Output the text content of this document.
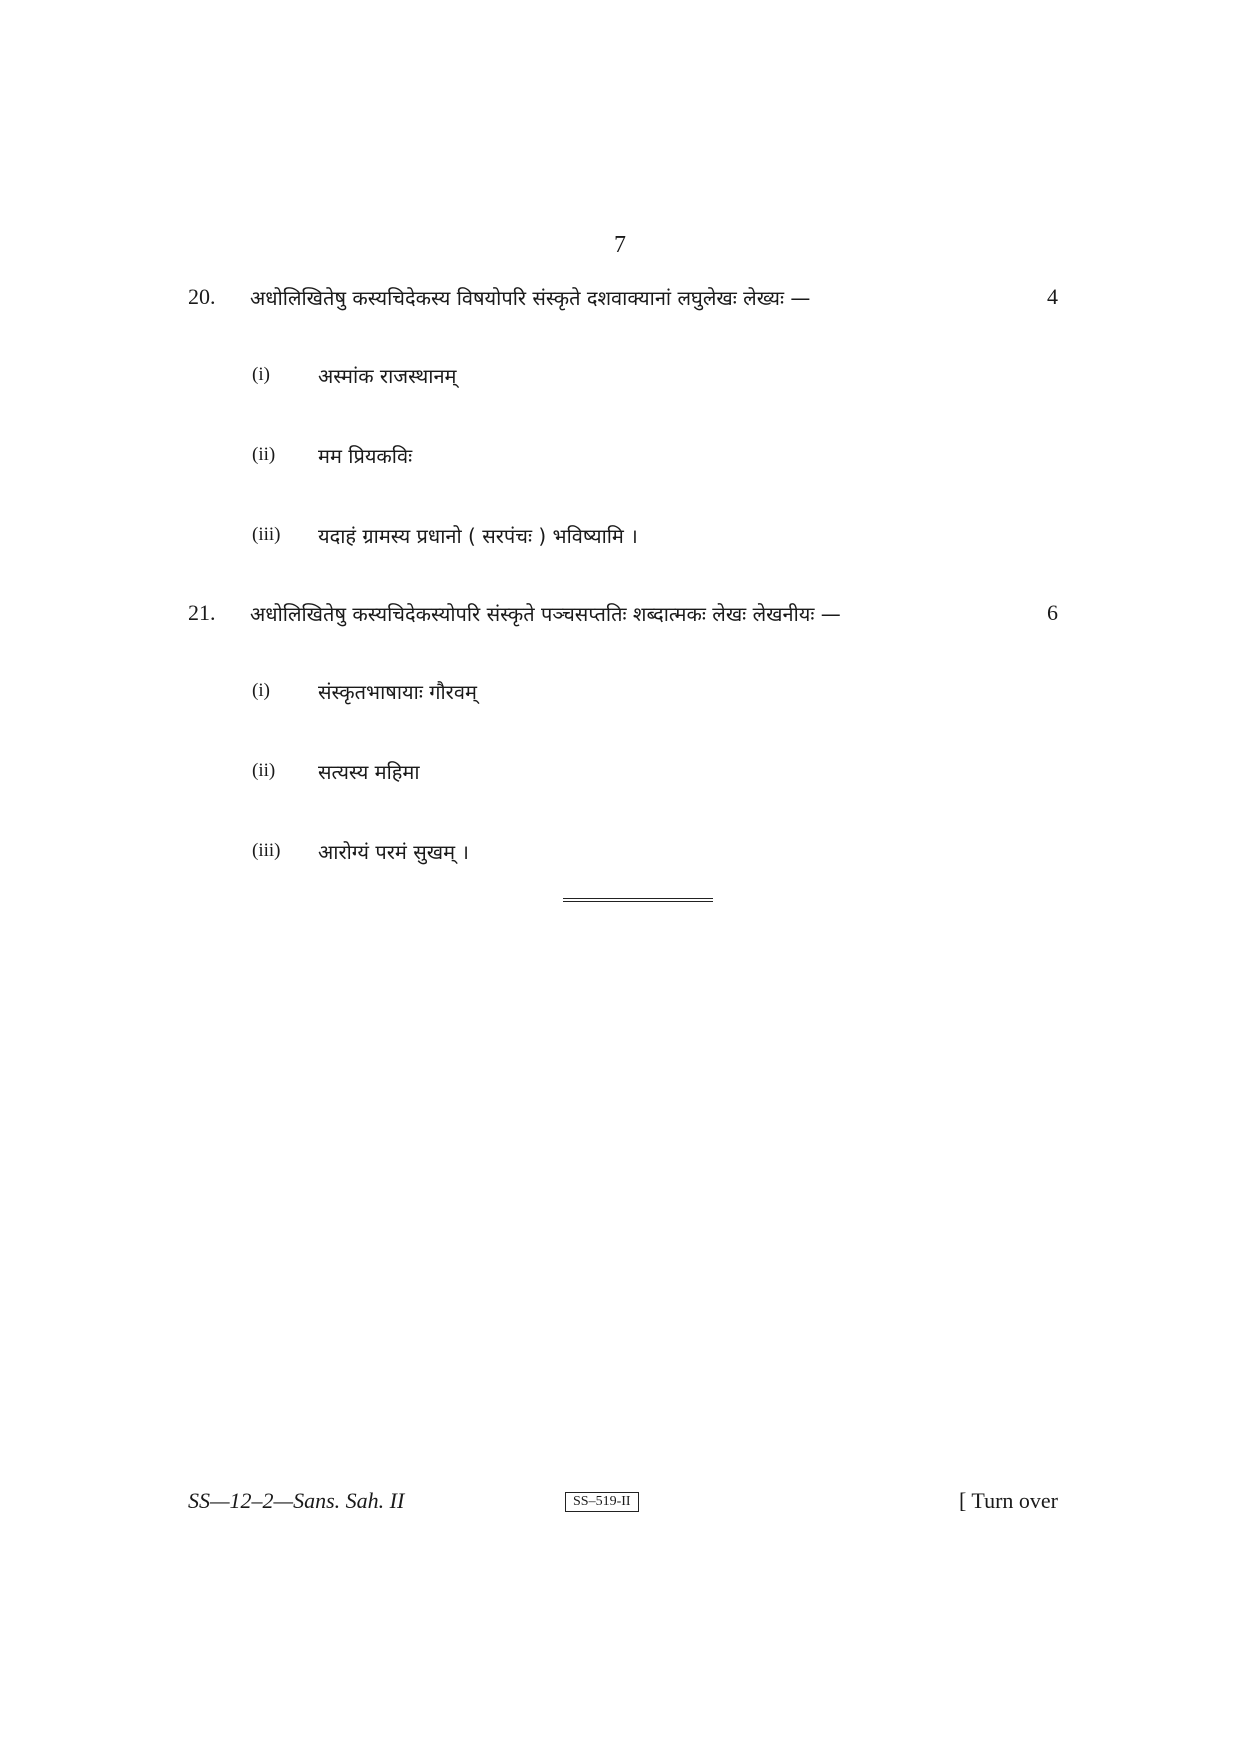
7
20. अधोलिखितेषु कस्यचिदेकस्य विषयोपरि संस्कृते दशवाक्यानां लघुलेखः लेख्यः —	4
(i) अस्मांक राजस्थानम्
(ii) मम प्रियकविः
(iii) यदाहं ग्रामस्य प्रधानो ( सरपंचः ) भविष्यामि ।
21. अधोलिखितेषु कस्यचिदेकस्योपरि संस्कृते पञ्चसप्ततिः शब्दात्मकः लेखः लेखनीयः —	6
(i) संस्कृतभाषायाः गौरवम्
(ii) सत्यस्य महिमा
(iii) आरोग्यं परमं सुखम् ।
SS—12–2—Sans. Sah. II	SS–519-II	[ Turn over
